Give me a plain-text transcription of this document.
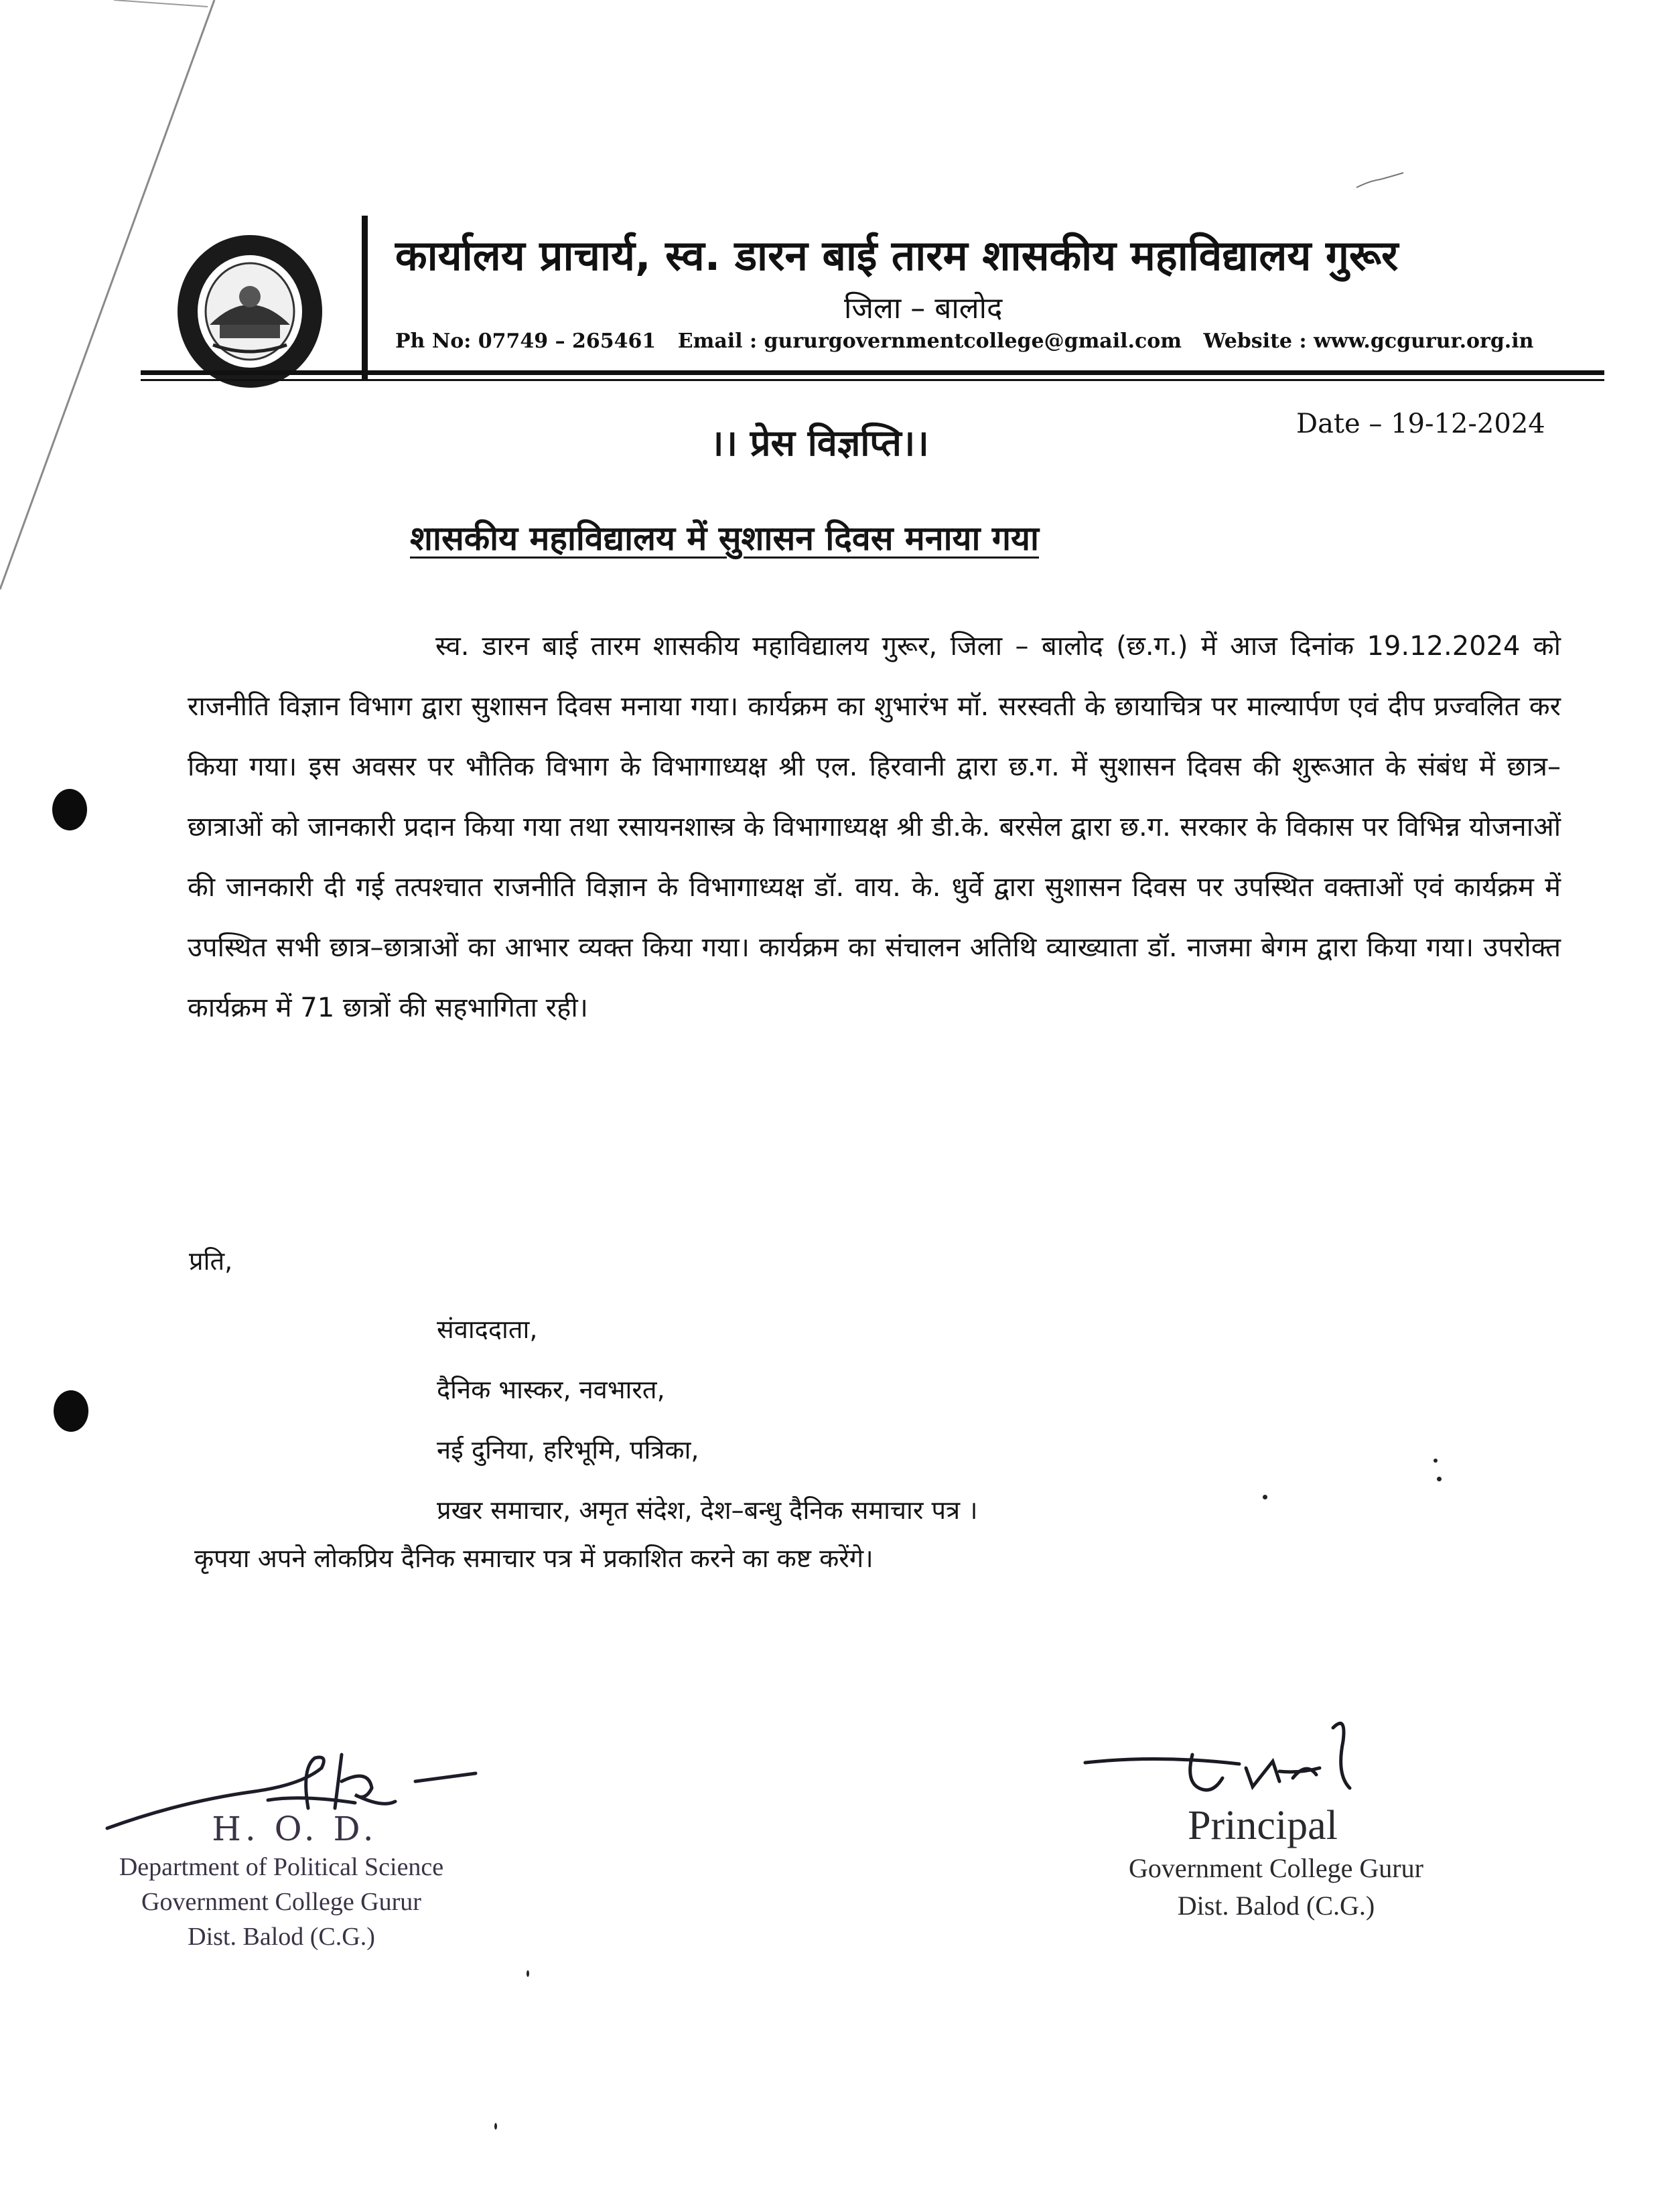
कार्यालय प्राचार्य, स्व. डारन बाई तारम शासकीय महाविद्यालय गुरूर
जिला – बालोद
Ph No: 07749 – 265461 Email : gururgovernmentcollege@gmail.com Website : www.gcgurur.org.in
।। प्रेस विज्ञप्ति।।	Date – 19-12-2024
शासकीय महाविद्यालय में सुशासन दिवस मनाया गया
स्व. डारन बाई तारम शासकीय महाविद्यालय गुरूर, जिला – बालोद (छ.ग.) में आज दिनांक 19.12.2024 को राजनीति विज्ञान विभाग द्वारा सुशासन दिवस मनाया गया। कार्यक्रम का शुभारंभ मॉ. सरस्वती के छायाचित्र पर माल्यार्पण एवं दीप प्रज्वलित कर किया गया। इस अवसर पर भौतिक विभाग के विभागाध्यक्ष श्री एल. हिरवानी द्वारा छ.ग. में सुशासन दिवस की शुरूआत के संबंध में छात्र–छात्राओं को जानकारी प्रदान किया गया तथा रसायनशास्त्र के विभागाध्यक्ष श्री डी.के. बरसेल द्वारा छ.ग. सरकार के विकास पर विभिन्न योजनाओं की जानकारी दी गई तत्पश्चात राजनीति विज्ञान के विभागाध्यक्ष डॉ. वाय. के. धुर्वे द्वारा सुशासन दिवस पर उपस्थित वक्ताओं एवं कार्यक्रम में उपस्थित सभी छात्र–छात्राओं का आभार व्यक्त किया गया। कार्यक्रम का संचालन अतिथि व्याख्याता डॉ. नाजमा बेगम द्वारा किया गया। उपरोक्त कार्यक्रम में 71 छात्रों की सहभागिता रही।
प्रति,
संवाददाता,
दैनिक भास्कर, नवभारत,
नई दुनिया, हरिभूमि, पत्रिका,
प्रखर समाचार, अमृत संदेश, देश–बन्धु दैनिक समाचार पत्र ।
कृपया अपने लोकप्रिय दैनिक समाचार पत्र में प्रकाशित करने का कष्ट करेंगे।
H. O. D.
Department of Political Science
Government College Gurur
Dist. Balod (C.G.)
Principal
Government College Gurur
Dist. Balod (C.G.)
